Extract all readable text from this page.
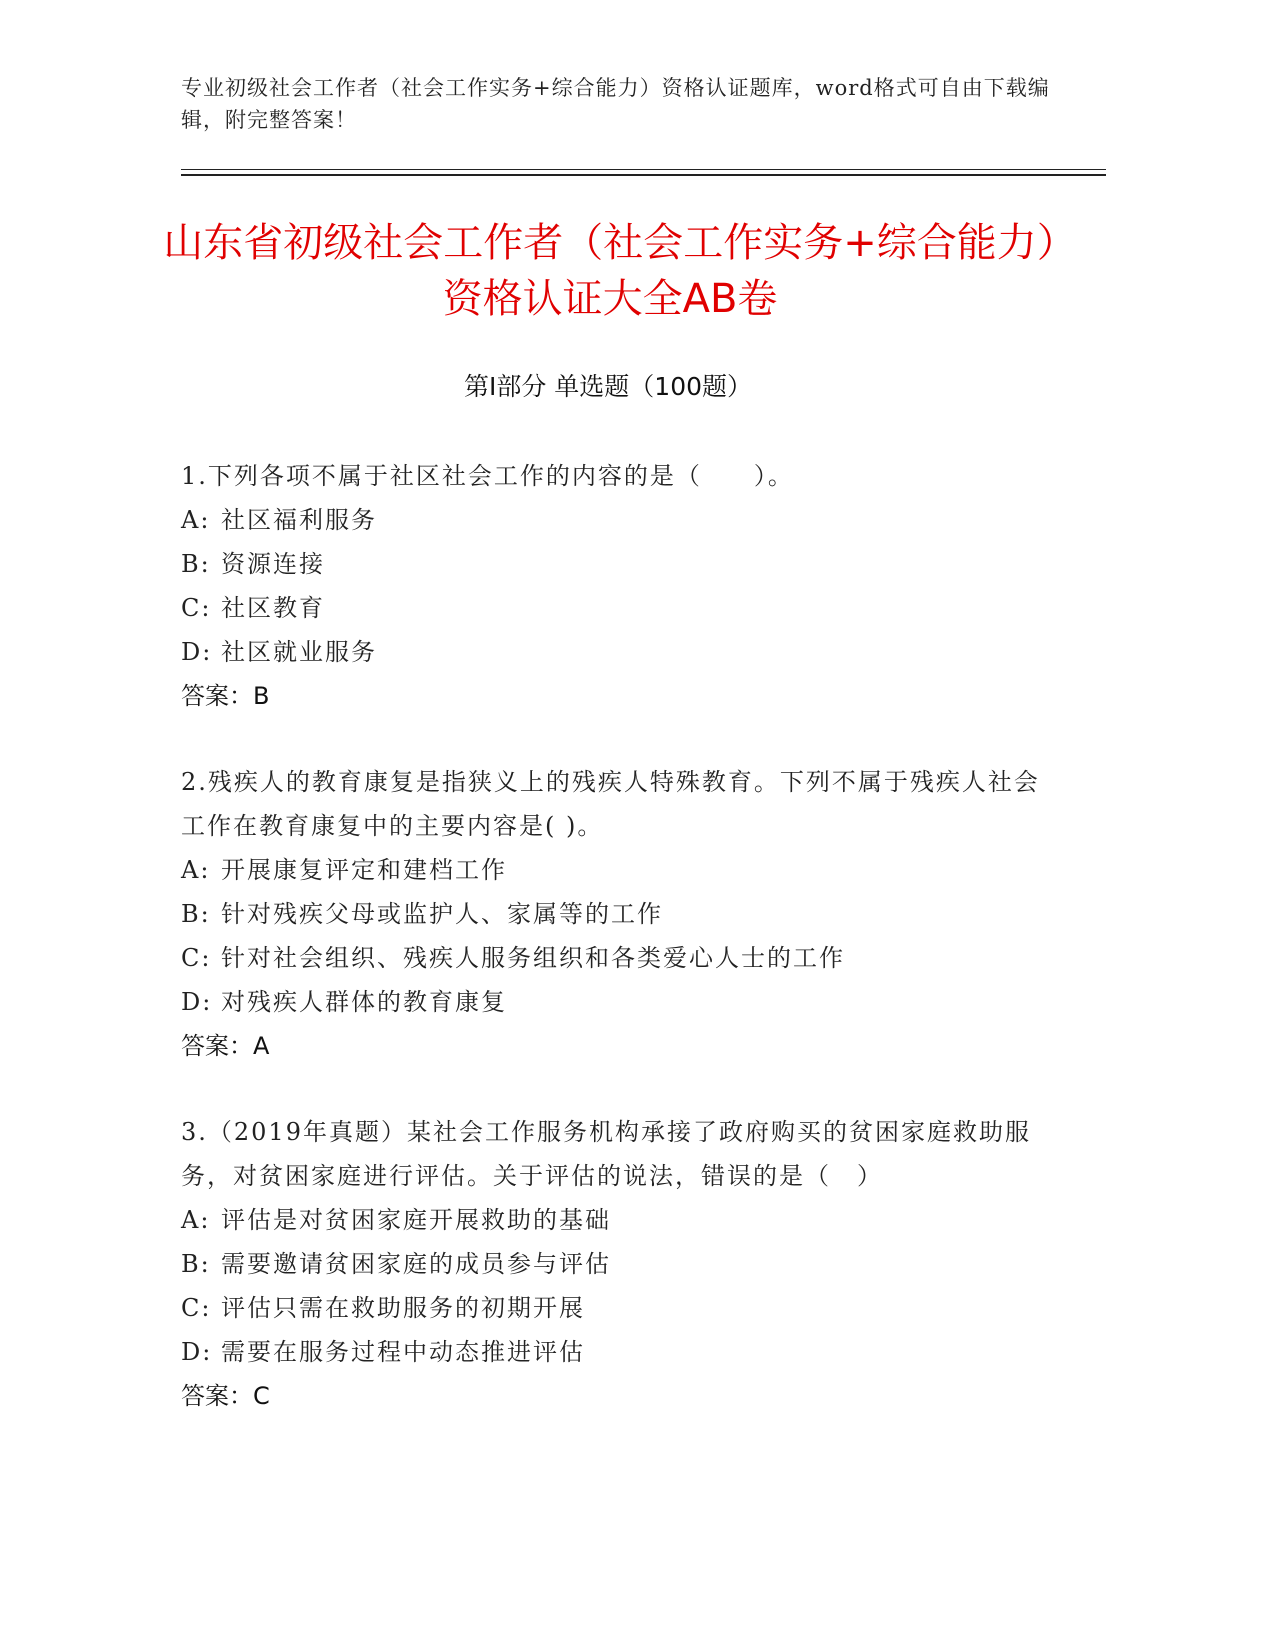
专业初级社会工作者（社会工作实务+综合能力）资格认证题库，word格式可自由下载编辑，附完整答案！
山东省初级社会工作者（社会工作实务+综合能力）资格认证大全AB卷
第I部分 单选题（100题）

1.下列各项不属于社区社会工作的内容的是（　　）。

A: 社区福利服务

B: 资源连接

C: 社区教育

D: 社区就业服务

答案：B

2.残疾人的教育康复是指狭义上的残疾人特殊教育。下列不属于残疾人社会工作在教育康复中的主要内容是( )。

A: 开展康复评定和建档工作

B: 针对残疾父母或监护人、家属等的工作

C: 针对社会组织、残疾人服务组织和各类爱心人士的工作

D: 对残疾人群体的教育康复

答案：A

3.（2019年真题）某社会工作服务机构承接了政府购买的贫困家庭救助服务，对贫困家庭进行评估。关于评估的说法，错误的是（　）

A: 评估是对贫困家庭开展救助的基础

B: 需要邀请贫困家庭的成员参与评估

C: 评估只需在救助服务的初期开展

D: 需要在服务过程中动态推进评估

答案：C
